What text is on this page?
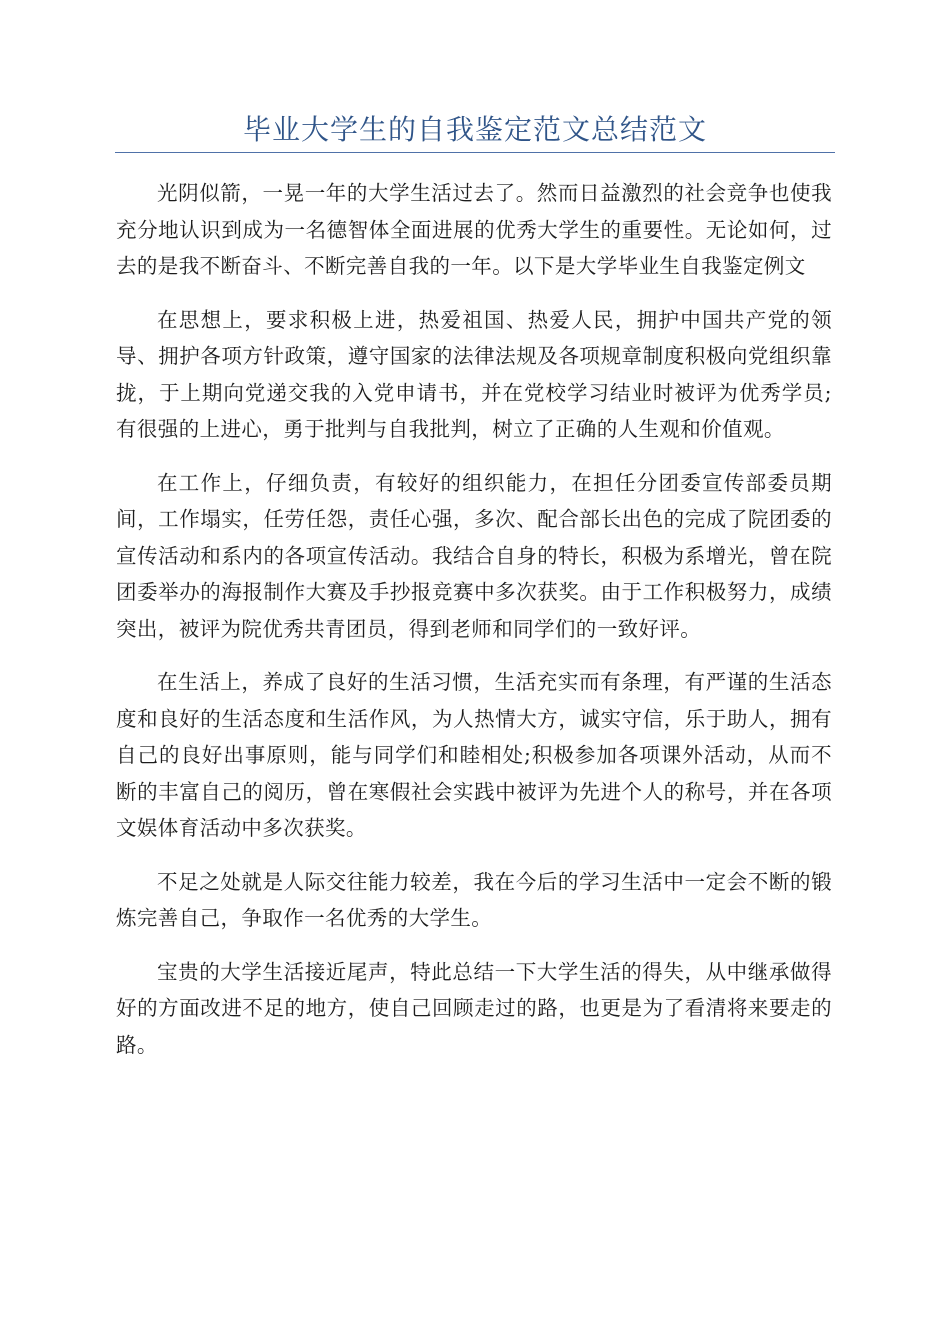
毕业大学生的自我鉴定范文总结范文

光阴似箭，一晃一年的大学生活过去了。然而日益激烈的社会竞争也使我充分地认识到成为一名德智体全面进展的优秀大学生的重要性。无论如何，过去的是我不断奋斗、不断完善自我的一年。以下是大学毕业生自我鉴定例文

在思想上，要求积极上进，热爱祖国、热爱人民，拥护中国共产党的领导、拥护各项方针政策，遵守国家的法律法规及各项规章制度积极向党组织靠拢，于上期向党递交我的入党申请书，并在党校学习结业时被评为优秀学员;有很强的上进心，勇于批判与自我批判，树立了正确的人生观和价值观。

在工作上，仔细负责，有较好的组织能力，在担任分团委宣传部委员期间，工作塌实，任劳任怨，责任心强，多次、配合部长出色的完成了院团委的宣传活动和系内的各项宣传活动。我结合自身的特长，积极为系增光，曾在院团委举办的海报制作大赛及手抄报竞赛中多次获奖。由于工作积极努力，成绩突出，被评为院优秀共青团员，得到老师和同学们的一致好评。

在生活上，养成了良好的生活习惯，生活充实而有条理，有严谨的生活态度和良好的生活态度和生活作风，为人热情大方，诚实守信，乐于助人，拥有自己的良好出事原则，能与同学们和睦相处;积极参加各项课外活动，从而不断的丰富自己的阅历，曾在寒假社会实践中被评为先进个人的称号，并在各项文娱体育活动中多次获奖。

不足之处就是人际交往能力较差，我在今后的学习生活中一定会不断的锻炼完善自己，争取作一名优秀的大学生。

宝贵的大学生活接近尾声，特此总结一下大学生活的得失，从中继承做得好的方面改进不足的地方，使自己回顾走过的路，也更是为了看清将来要走的路。
